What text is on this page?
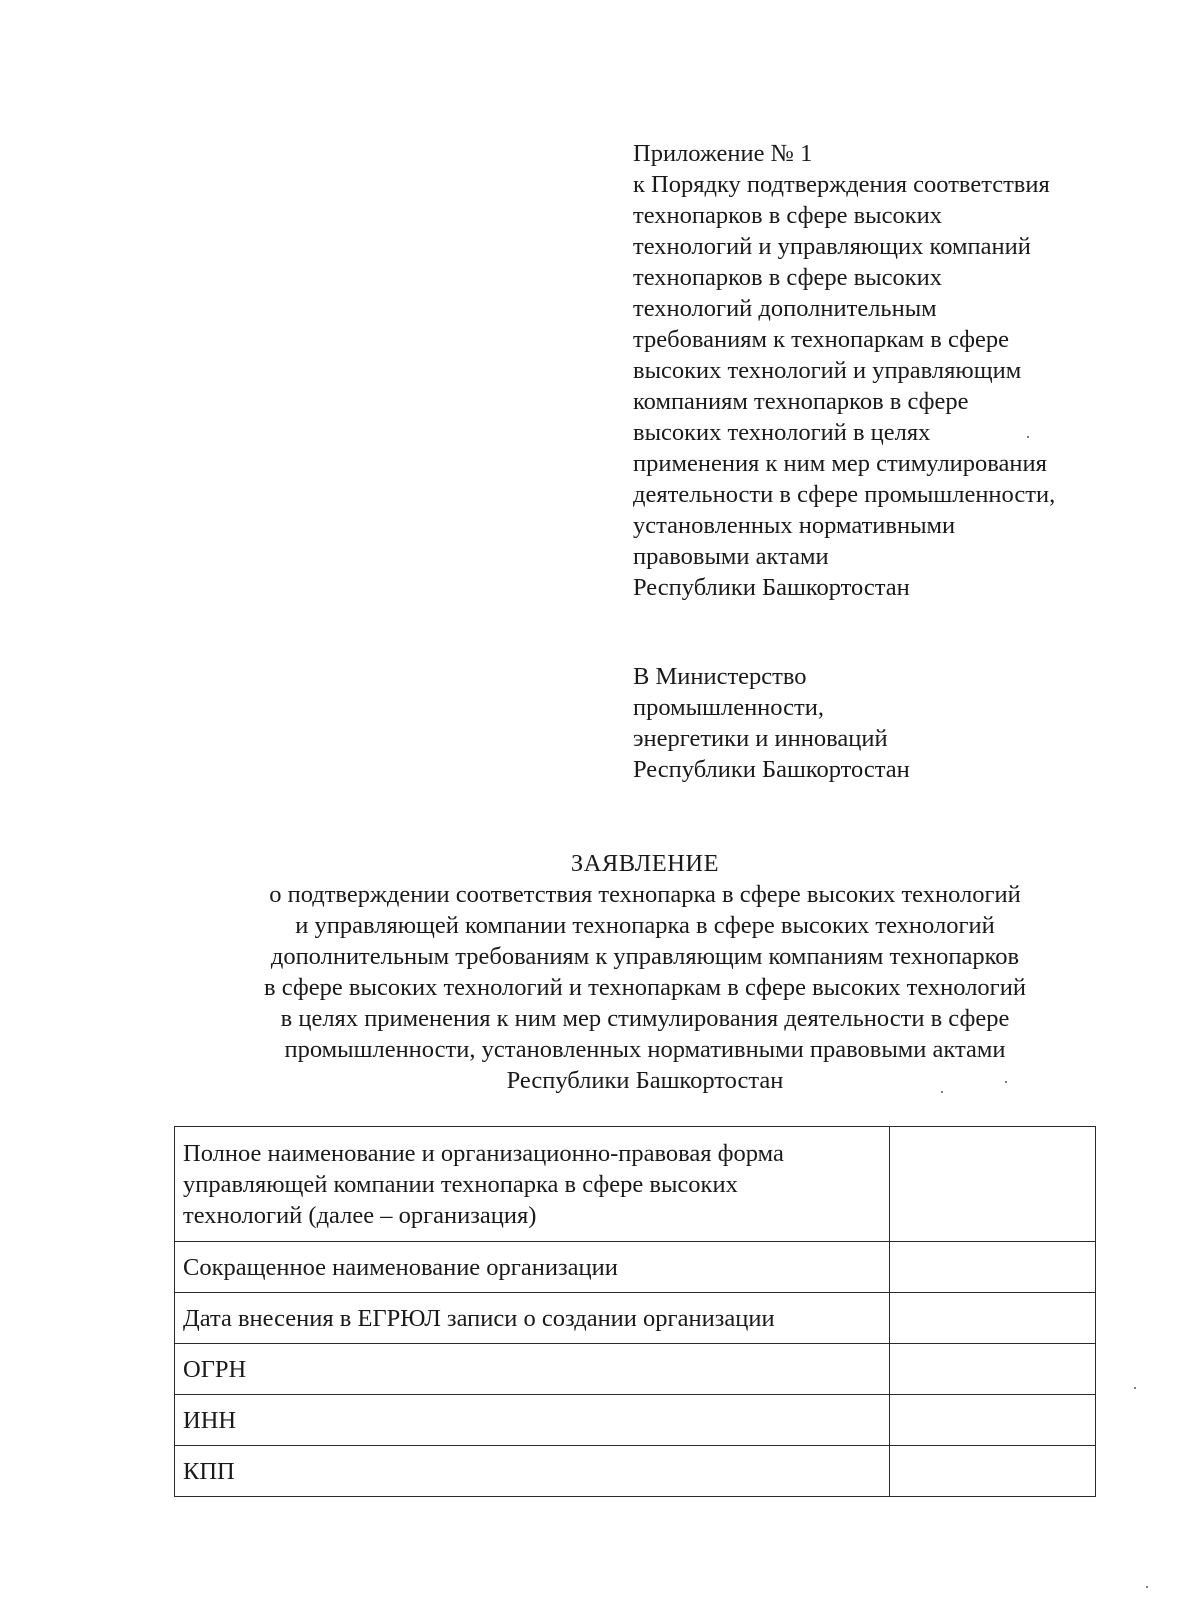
Приложение № 1
к Порядку подтверждения соответствия
технопарков в сфере высоких
технологий и управляющих компаний
технопарков в сфере высоких
технологий дополнительным
требованиям к технопаркам в сфере
высоких технологий и управляющим
компаниям технопарков в сфере
высоких технологий в целях
применения к ним мер стимулирования
деятельности в сфере промышленности,
установленных нормативными
правовыми актами
Республики Башкортостан
В Министерство
промышленности,
энергетики и инноваций
Республики Башкортостан
ЗАЯВЛЕНИЕ
о подтверждении соответствия технопарка в сфере высоких технологий
и управляющей компании технопарка в сфере высоких технологий
дополнительным требованиям к управляющим компаниям технопарков
в сфере высоких технологий и технопаркам в сфере высоких технологий
в целях применения к ним мер стимулирования деятельности в сфере
промышленности, установленных нормативными правовыми актами
Республики Башкортостан
Полное наименование и организационно-правовая форма
управляющей компании технопарка в сфере высоких
технологий (далее – организация)	

Сокращенное наименование организации	
Дата внесения в ЕГРЮЛ записи о создании организации	
ОГРН	
ИНН	
КПП	
